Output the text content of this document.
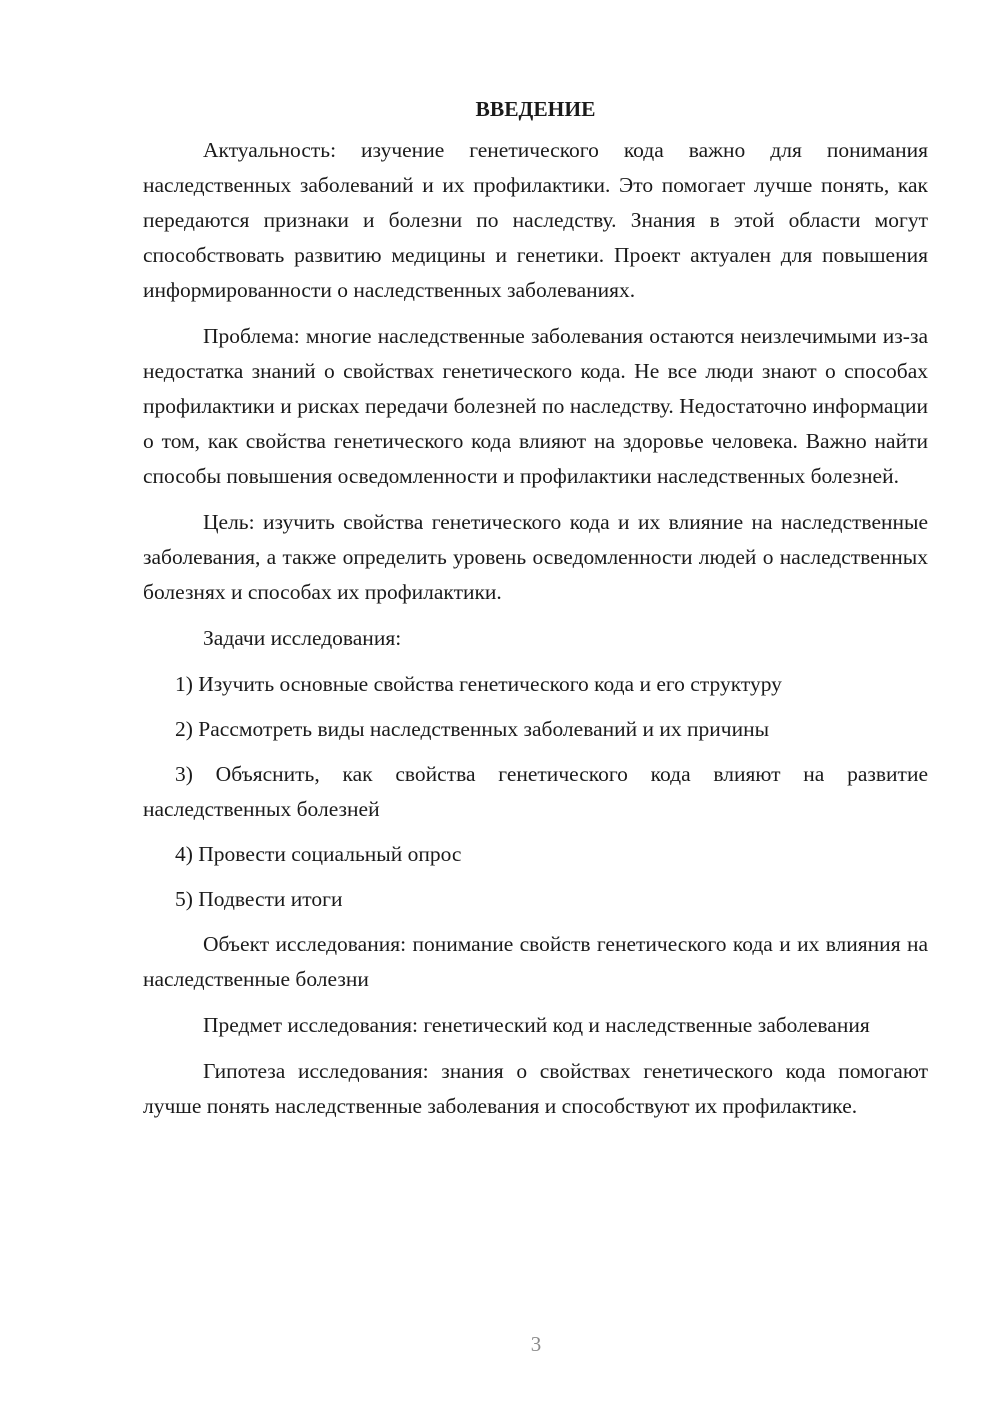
ВВЕДЕНИЕ

Актуальность: изучение генетического кода важно для понимания наследственных заболеваний и их профилактики. Это помогает лучше понять, как передаются признаки и болезни по наследству. Знания в этой области могут способствовать развитию медицины и генетики. Проект актуален для повышения информированности о наследственных заболеваниях.

Проблема: многие наследственные заболевания остаются неизлечимыми из-за недостатка знаний о свойствах генетического кода. Не все люди знают о способах профилактики и рисках передачи болезней по наследству. Недостаточно информации о том, как свойства генетического кода влияют на здоровье человека. Важно найти способы повышения осведомленности и профилактики наследственных болезней.

Цель: изучить свойства генетического кода и их влияние на наследственные заболевания, а также определить уровень осведомленности людей о наследственных болезнях и способах их профилактики.

Задачи исследования:

1) Изучить основные свойства генетического кода и его структуру

2) Рассмотреть виды наследственных заболеваний и их причины

3) Объяснить, как свойства генетического кода влияют на развитие наследственных болезней

4) Провести социальный опрос

5) Подвести итоги

Объект исследования: понимание свойств генетического кода и их влияния на наследственные болезни

Предмет исследования: генетический код и наследственные заболевания

Гипотеза исследования: знания о свойствах генетического кода помогают лучше понять наследственные заболевания и способствуют их профилактике.

3
